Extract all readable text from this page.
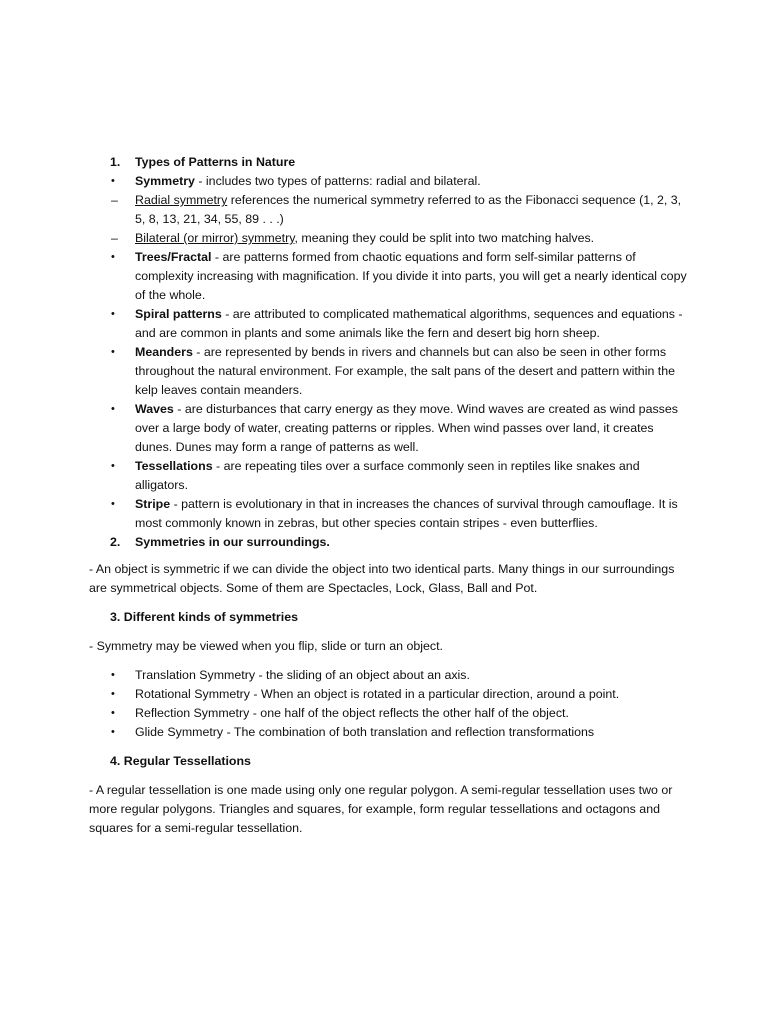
1. Types of Patterns in Nature
• Symmetry - includes two types of patterns: radial and bilateral.
– Radial symmetry references the numerical symmetry referred to as the Fibonacci sequence (1, 2, 3, 5, 8, 13, 21, 34, 55, 89 . . .)
– Bilateral (or mirror) symmetry, meaning they could be split into two matching halves.
• Trees/Fractal - are patterns formed from chaotic equations and form self-similar patterns of complexity increasing with magnification. If you divide it into parts, you will get a nearly identical copy of the whole.
• Spiral patterns - are attributed to complicated mathematical algorithms, sequences and equations - and are common in plants and some animals like the fern and desert big horn sheep.
• Meanders - are represented by bends in rivers and channels but can also be seen in other forms throughout the natural environment. For example, the salt pans of the desert and pattern within the kelp leaves contain meanders.
• Waves - are disturbances that carry energy as they move. Wind waves are created as wind passes over a large body of water, creating patterns or ripples. When wind passes over land, it creates dunes. Dunes may form a range of patterns as well.
• Tessellations - are repeating tiles over a surface commonly seen in reptiles like snakes and alligators.
• Stripe - pattern is evolutionary in that in increases the chances of survival through camouflage. It is most commonly known in zebras, but other species contain stripes - even butterflies.
2. Symmetries in our surroundings.
- An object is symmetric if we can divide the object into two identical parts. Many things in our surroundings are symmetrical objects. Some of them are Spectacles, Lock, Glass, Ball and Pot.
3. Different kinds of symmetries
- Symmetry may be viewed when you flip, slide or turn an object.
• Translation Symmetry - the sliding of an object about an axis.
• Rotational Symmetry - When an object is rotated in a particular direction, around a point.
• Reflection Symmetry - one half of the object reflects the other half of the object.
• Glide Symmetry - The combination of both translation and reflection transformations
4. Regular Tessellations
- A regular tessellation is one made using only one regular polygon. A semi-regular tessellation uses two or more regular polygons. Triangles and squares, for example, form regular tessellations and octagons and squares for a semi-regular tessellation.
